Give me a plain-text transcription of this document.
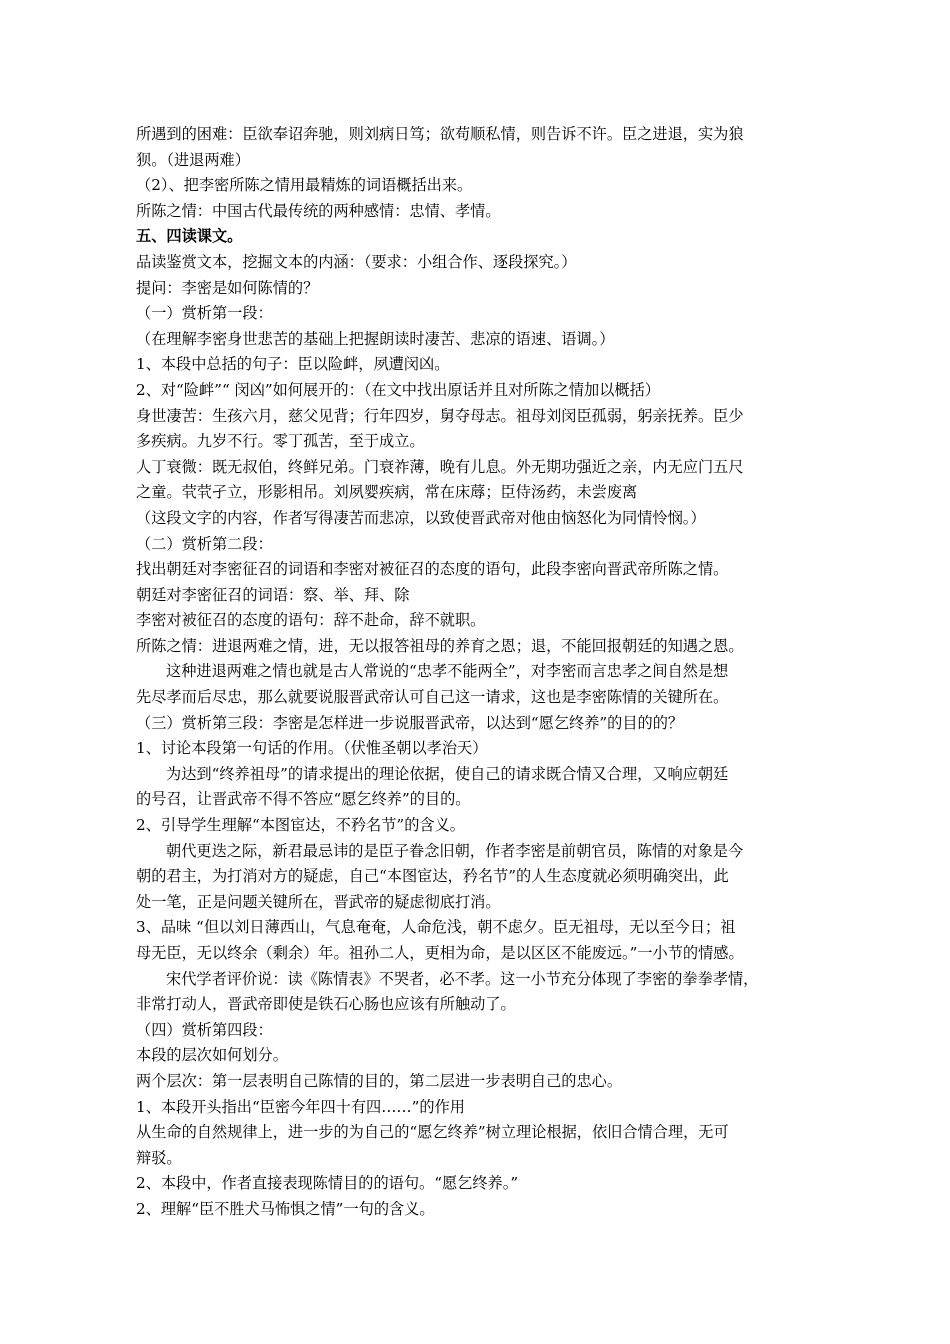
所遇到的困难：臣欲奉诏奔驰，则刘病日笃；欲苟顺私情，则告诉不许。臣之进退，实为狼
狈。（进退两难）
（2）、把李密所陈之情用最精炼的词语概括出来。
所陈之情：中国古代最传统的两种感情：忠情、孝情。
五、四读课文。
品读鉴赏文本，挖掘文本的内涵：（要求：小组合作、逐段探究。）
提问：李密是如何陈情的？
（一）赏析第一段：
（在理解李密身世悲苦的基础上把握朗读时凄苦、悲凉的语速、语调。）
1、本段中总括的句子：臣以险衅，夙遭闵凶。
2、对“险衅”“ 闵凶”如何展开的：（在文中找出原话并且对所陈之情加以概括）
身世凄苦：生孩六月，慈父见背；行年四岁，舅夺母志。祖母刘闵臣孤弱，躬亲抚养。臣少
多疾病。九岁不行。零丁孤苦，至于成立。
人丁衰微：既无叔伯，终鲜兄弟。门衰祚薄，晚有儿息。外无期功强近之亲，内无应门五尺
之童。茕茕孑立，形影相吊。刘夙婴疾病，常在床蓐；臣侍汤药，未尝废离
（这段文字的内容，作者写得凄苦而悲凉，以致使晋武帝对他由恼怒化为同情怜悯。）
（二）赏析第二段：
找出朝廷对李密征召的词语和李密对被征召的态度的语句，此段李密向晋武帝所陈之情。
朝廷对李密征召的词语：察、举、拜、除
李密对被征召的态度的语句：辞不赴命，辞不就职。
所陈之情：进退两难之情，进，无以报答祖母的养育之恩；退，不能回报朝廷的知遇之恩。
这种进退两难之情也就是古人常说的“忠孝不能两全”，对李密而言忠孝之间自然是想
先尽孝而后尽忠，那么就要说服晋武帝认可自己这一请求，这也是李密陈情的关键所在。
（三）赏析第三段：李密是怎样进一步说服晋武帝，以达到“愿乞终养”的目的的？
1、讨论本段第一句话的作用。（伏惟圣朝以孝治天）
为达到“终养祖母”的请求提出的理论依据，使自己的请求既合情又合理，又响应朝廷
的号召，让晋武帝不得不答应“愿乞终养”的目的。
2、引导学生理解“本图宦达，不矜名节”的含义。
朝代更迭之际，新君最忌讳的是臣子眷念旧朝，作者李密是前朝官员，陈情的对象是今
朝的君主，为打消对方的疑虑，自己“本图宦达，矜名节”的人生态度就必须明确突出，此
处一笔，正是问题关键所在，晋武帝的疑虑彻底打消。
3、品味 “但以刘日薄西山，气息奄奄，人命危浅，朝不虑夕。臣无祖母，无以至今日；祖
母无臣，无以终余（剩余）年。祖孙二人，更相为命，是以区区不能废远。”一小节的情感。
宋代学者评价说：读《陈情表》不哭者，必不孝。这一小节充分体现了李密的拳拳孝情，
非常打动人，晋武帝即使是铁石心肠也应该有所触动了。
（四）赏析第四段：
本段的层次如何划分。
两个层次：第一层表明自己陈情的目的，第二层进一步表明自己的忠心。
1、本段开头指出“臣密今年四十有四……”的作用
从生命的自然规律上，进一步的为自己的“愿乞终养”树立理论根据，依旧合情合理，无可
辩驳。
2、本段中，作者直接表现陈情目的的语句。“愿乞终养。”
2、理解“臣不胜犬马怖惧之情”一句的含义。
